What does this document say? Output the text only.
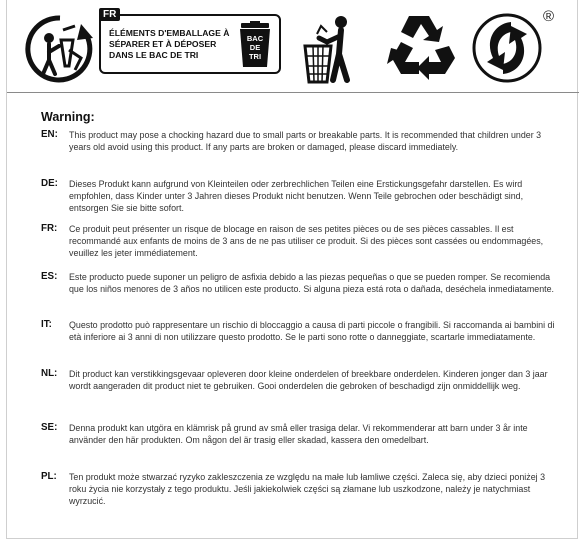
FR
ÉLÉMENTS D'EMBALLAGE À SÉPARER ET À DÉPOSER DANS LE BAC DE TRI
BAC
DE
TRI
®
Warning:
EN:	This product may pose a chocking hazard due to small parts or breakable parts. It is recommended that children under 3 years old avoid using this product. If any parts are broken or damaged, please discard immediately.
DE:	Dieses Produkt kann aufgrund von Kleinteilen oder zerbrechlichen Teilen eine Erstickungsgefahr darstellen. Es wird empfohlen, dass Kinder unter 3 Jahren dieses Produkt nicht benutzen. Wenn Teile gebrochen oder beschädigt sind, entsorgen Sie sie bitte sofort.
FR:	Ce produit peut présenter un risque de blocage en raison de ses petites pièces ou de ses pièces cassables. Il est recommandé aux enfants de moins de 3 ans de ne pas utiliser ce produit. Si des pièces sont cassées ou endommagées, veuillez les jeter immédiatement.
ES:	Este producto puede suponer un peligro de asfixia debido a las piezas pequeñas o que se pueden romper. Se recomienda que los niños menores de 3 años no utilicen este producto. Si alguna pieza está rota o dañada, deséchela inmediatamente.
IT:	Questo prodotto può rappresentare un rischio di bloccaggio a causa di parti piccole o frangibili. Si raccomanda ai bambini di età inferiore ai 3 anni di non utilizzare questo prodotto. Se le parti sono rotte o danneggiate, scartarle immediatamente.
NL:	Dit product kan verstikkingsgevaar opleveren door kleine onderdelen of breekbare onderdelen. Kinderen jonger dan 3 jaar wordt aangeraden dit product niet te gebruiken. Gooi onderdelen die gebroken of beschadigd zijn onmiddellijk weg.
SE:	Denna produkt kan utgöra en klämrisk på grund av små eller trasiga delar. Vi rekommenderar att barn under 3 år inte använder den här produkten. Om någon del är trasig eller skadad, kassera den omedelbart.
PL:	Ten produkt może stwarzać ryzyko zakleszczenia ze względu na małe lub łamliwe części. Zaleca się, aby dzieci poniżej 3 roku życia nie korzystały z tego produktu. Jeśli jakiekolwiek części są złamane lub uszkodzone, należy je natychmiast wyrzucić.
